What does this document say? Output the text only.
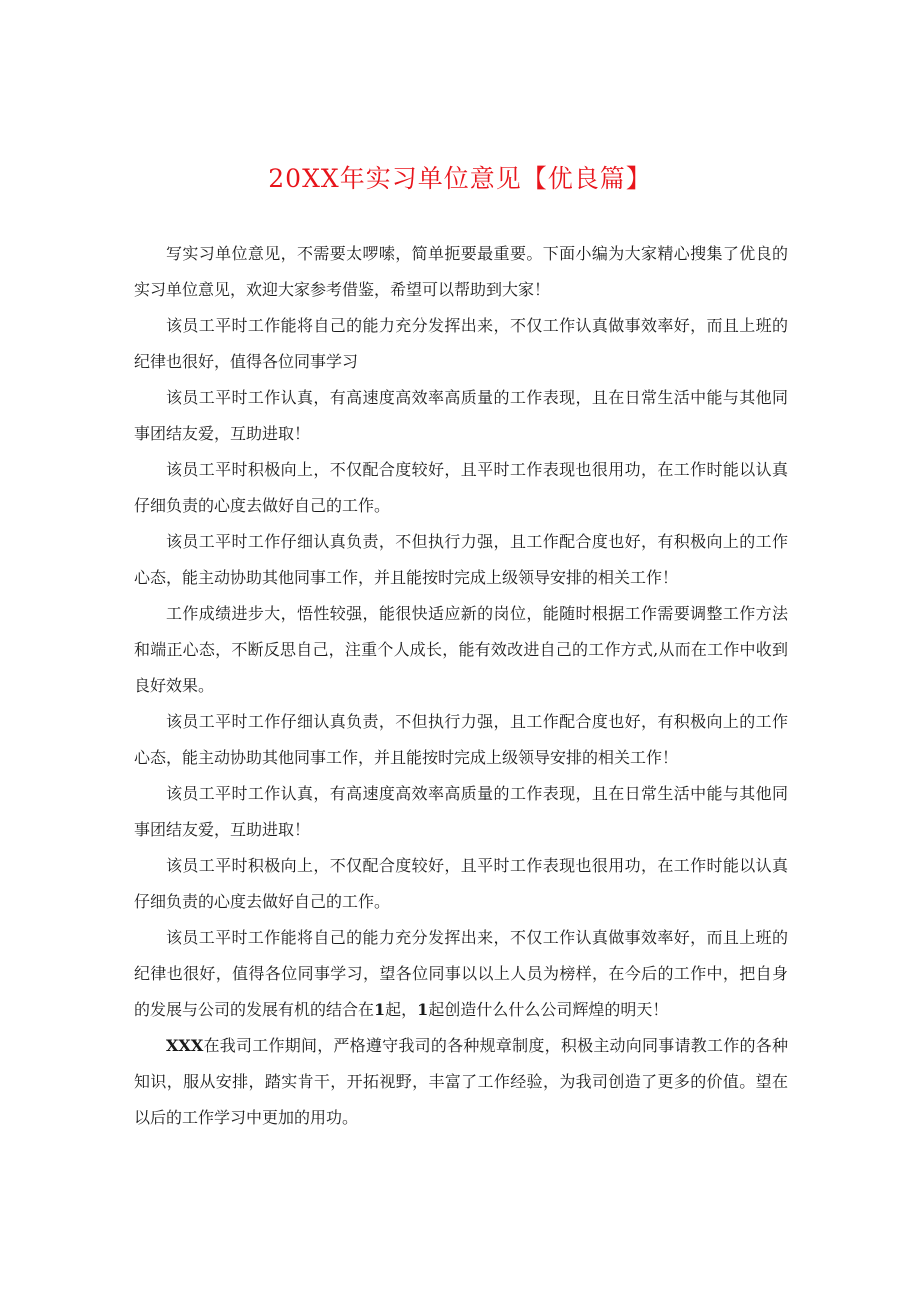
20XX年实习单位意见【优良篇】

写实习单位意见，不需要太啰嗦，简单扼要最重要。下面小编为大家精心搜集了优良的实习单位意见，欢迎大家参考借鉴，希望可以帮助到大家！

该员工平时工作能将自己的能力充分发挥出来，不仅工作认真做事效率好，而且上班的纪律也很好，值得各位同事学习

该员工平时工作认真，有高速度高效率高质量的工作表现，且在日常生活中能与其他同事团结友爱，互助进取！

该员工平时积极向上，不仅配合度较好，且平时工作表现也很用功，在工作时能以认真仔细负责的心度去做好自己的工作。

该员工平时工作仔细认真负责，不但执行力强，且工作配合度也好，有积极向上的工作心态，能主动协助其他同事工作，并且能按时完成上级领导安排的相关工作！

工作成绩进步大，悟性较强，能很快适应新的岗位，能随时根据工作需要调整工作方法和端正心态，不断反思自己，注重个人成长，能有效改进自己的工作方式,从而在工作中收到良好效果。

该员工平时工作仔细认真负责，不但执行力强，且工作配合度也好，有积极向上的工作心态，能主动协助其他同事工作，并且能按时完成上级领导安排的相关工作！

该员工平时工作认真，有高速度高效率高质量的工作表现，且在日常生活中能与其他同事团结友爱，互助进取！

该员工平时积极向上，不仅配合度较好，且平时工作表现也很用功，在工作时能以认真仔细负责的心度去做好自己的工作。

该员工平时工作能将自己的能力充分发挥出来，不仅工作认真做事效率好，而且上班的纪律也很好，值得各位同事学习，望各位同事以以上人员为榜样，在今后的工作中，把自身的发展与公司的发展有机的结合在1起，1起创造什么什么公司辉煌的明天！

XXX在我司工作期间，严格遵守我司的各种规章制度，积极主动向同事请教工作的各种知识，服从安排，踏实肯干，开拓视野，丰富了工作经验，为我司创造了更多的价值。望在以后的工作学习中更加的用功。
